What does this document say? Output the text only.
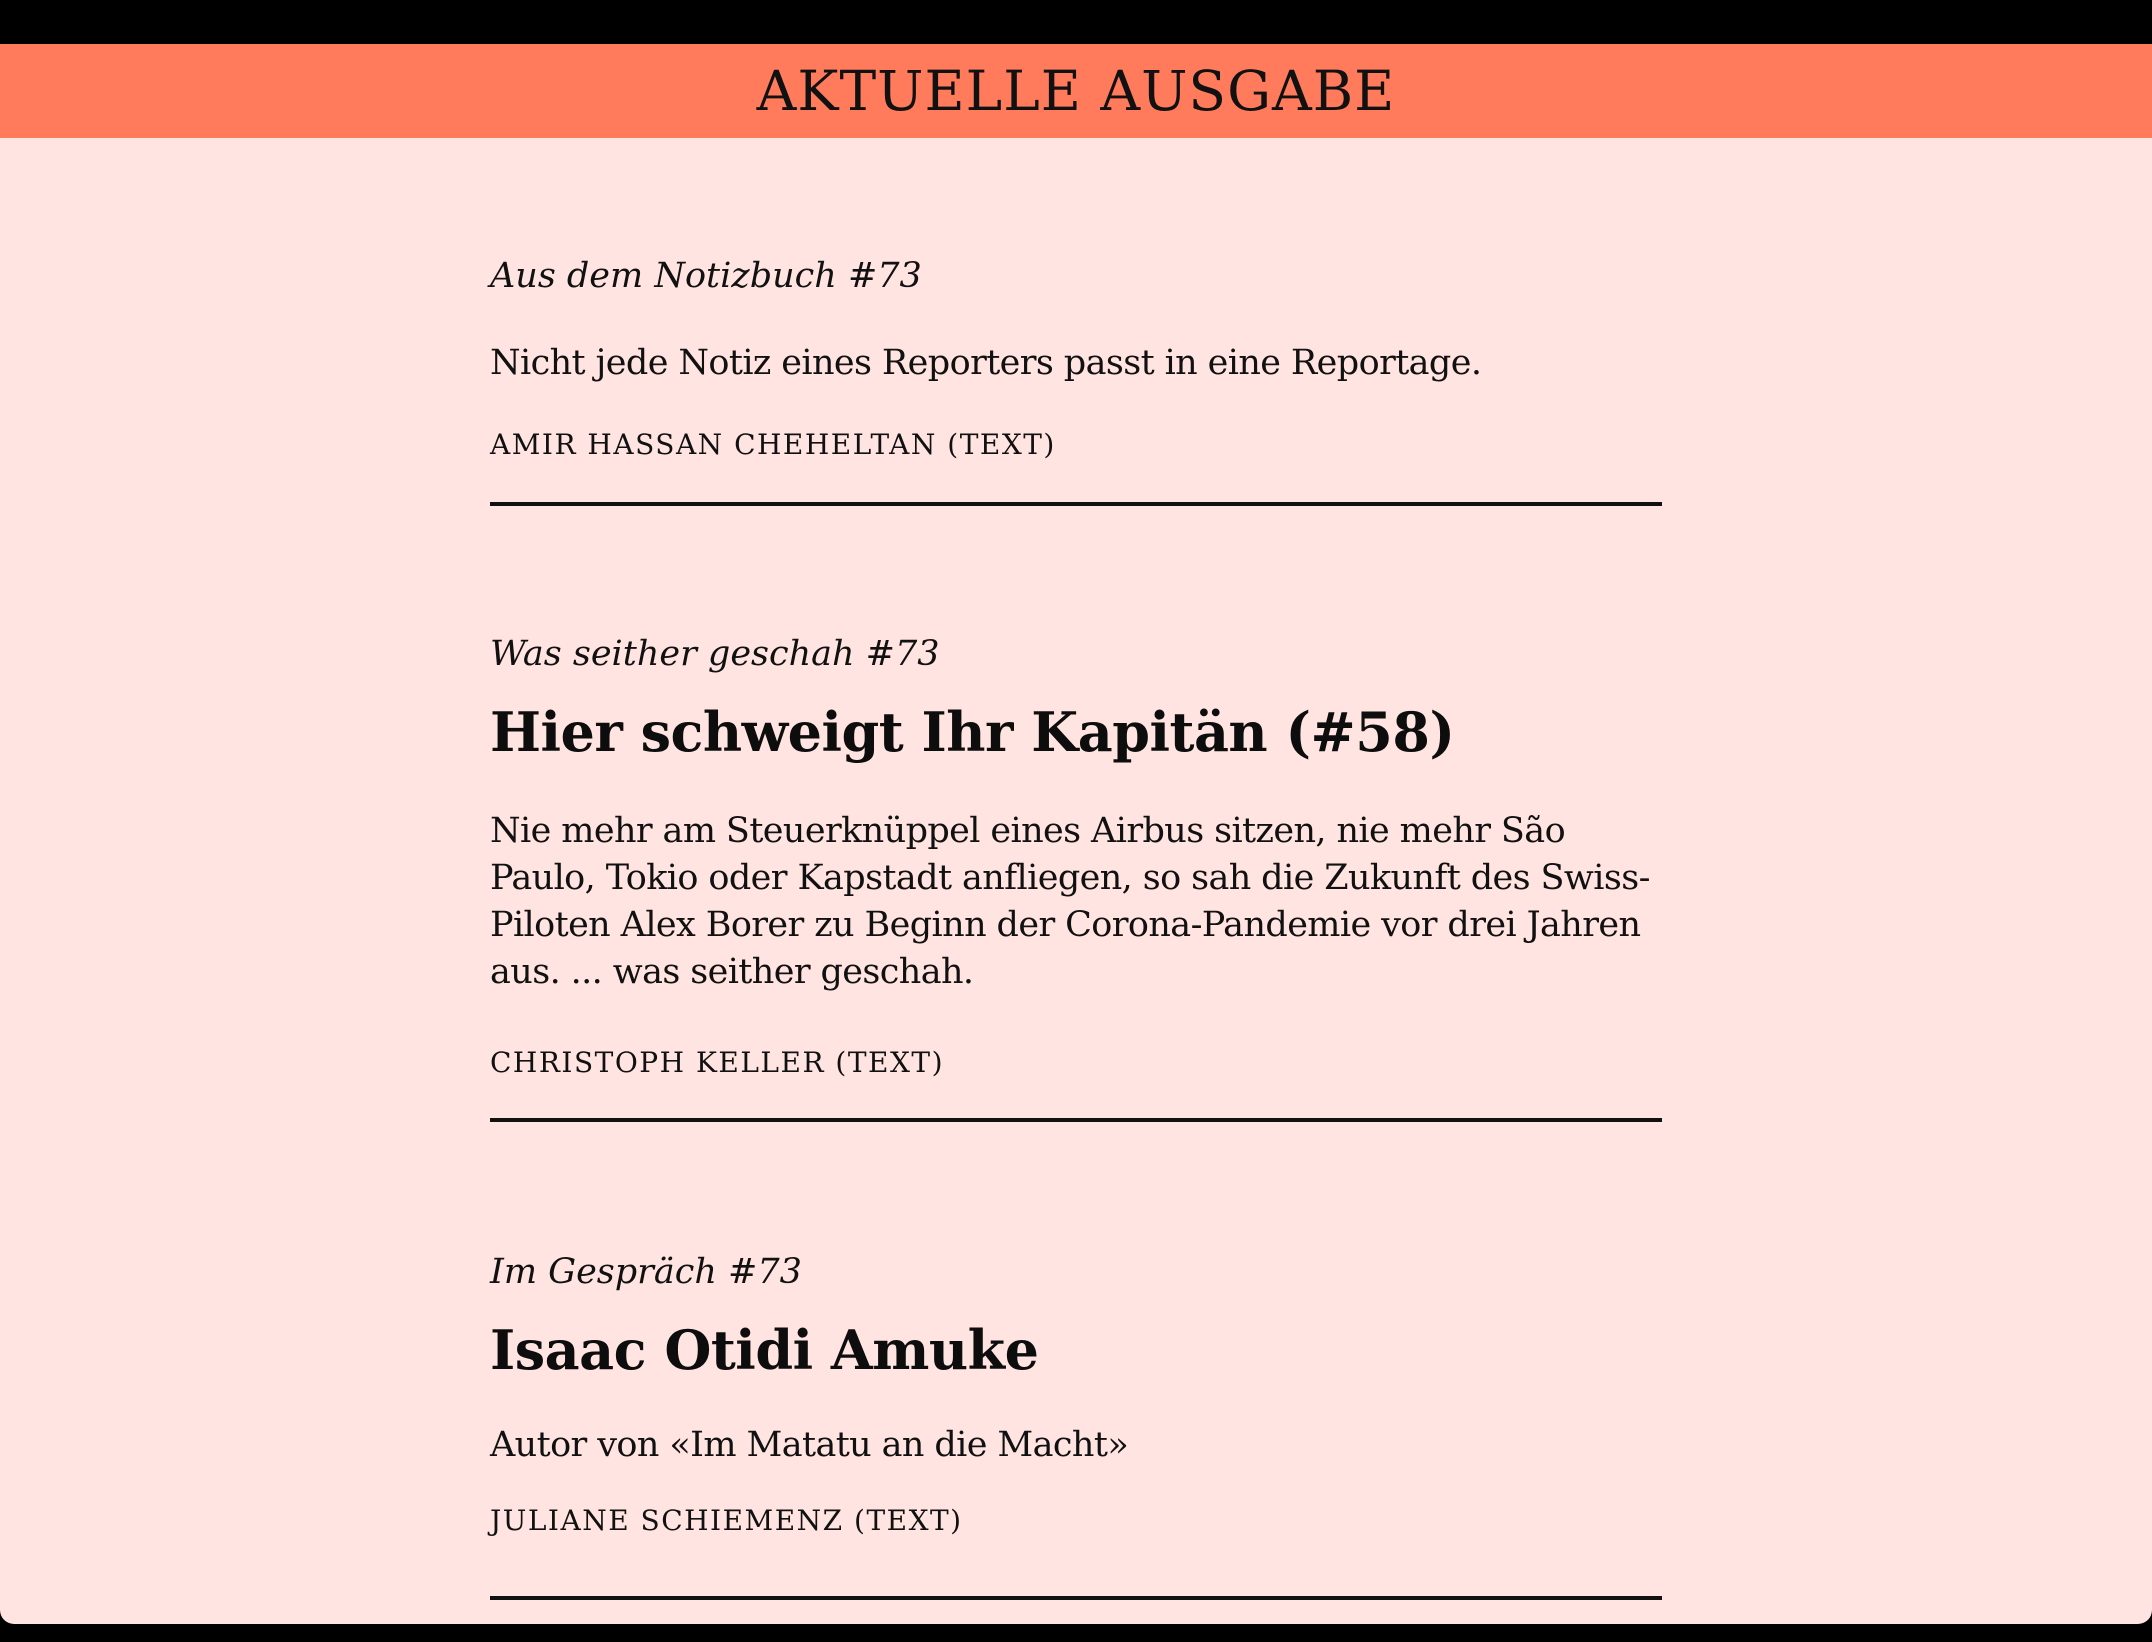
AKTUELLE AUSGABE
Aus dem Notizbuch #73
Nicht jede Notiz eines Reporters passt in eine Reportage.
AMIR HASSAN CHEHELTAN (TEXT)
Was seither geschah #73
Hier schweigt Ihr Kapitän (#58)
Nie mehr am Steuerknüppel eines Airbus sitzen, nie mehr São Paulo, Tokio oder Kapstadt anfliegen, so sah die Zukunft des Swiss-Piloten Alex Borer zu Beginn der Corona-Pandemie vor drei Jahren aus. ... was seither geschah.
CHRISTOPH KELLER (TEXT)
Im Gespräch #73
Isaac Otidi Amuke
Autor von «Im Matatu an die Macht»
JULIANE SCHIEMENZ (TEXT)
